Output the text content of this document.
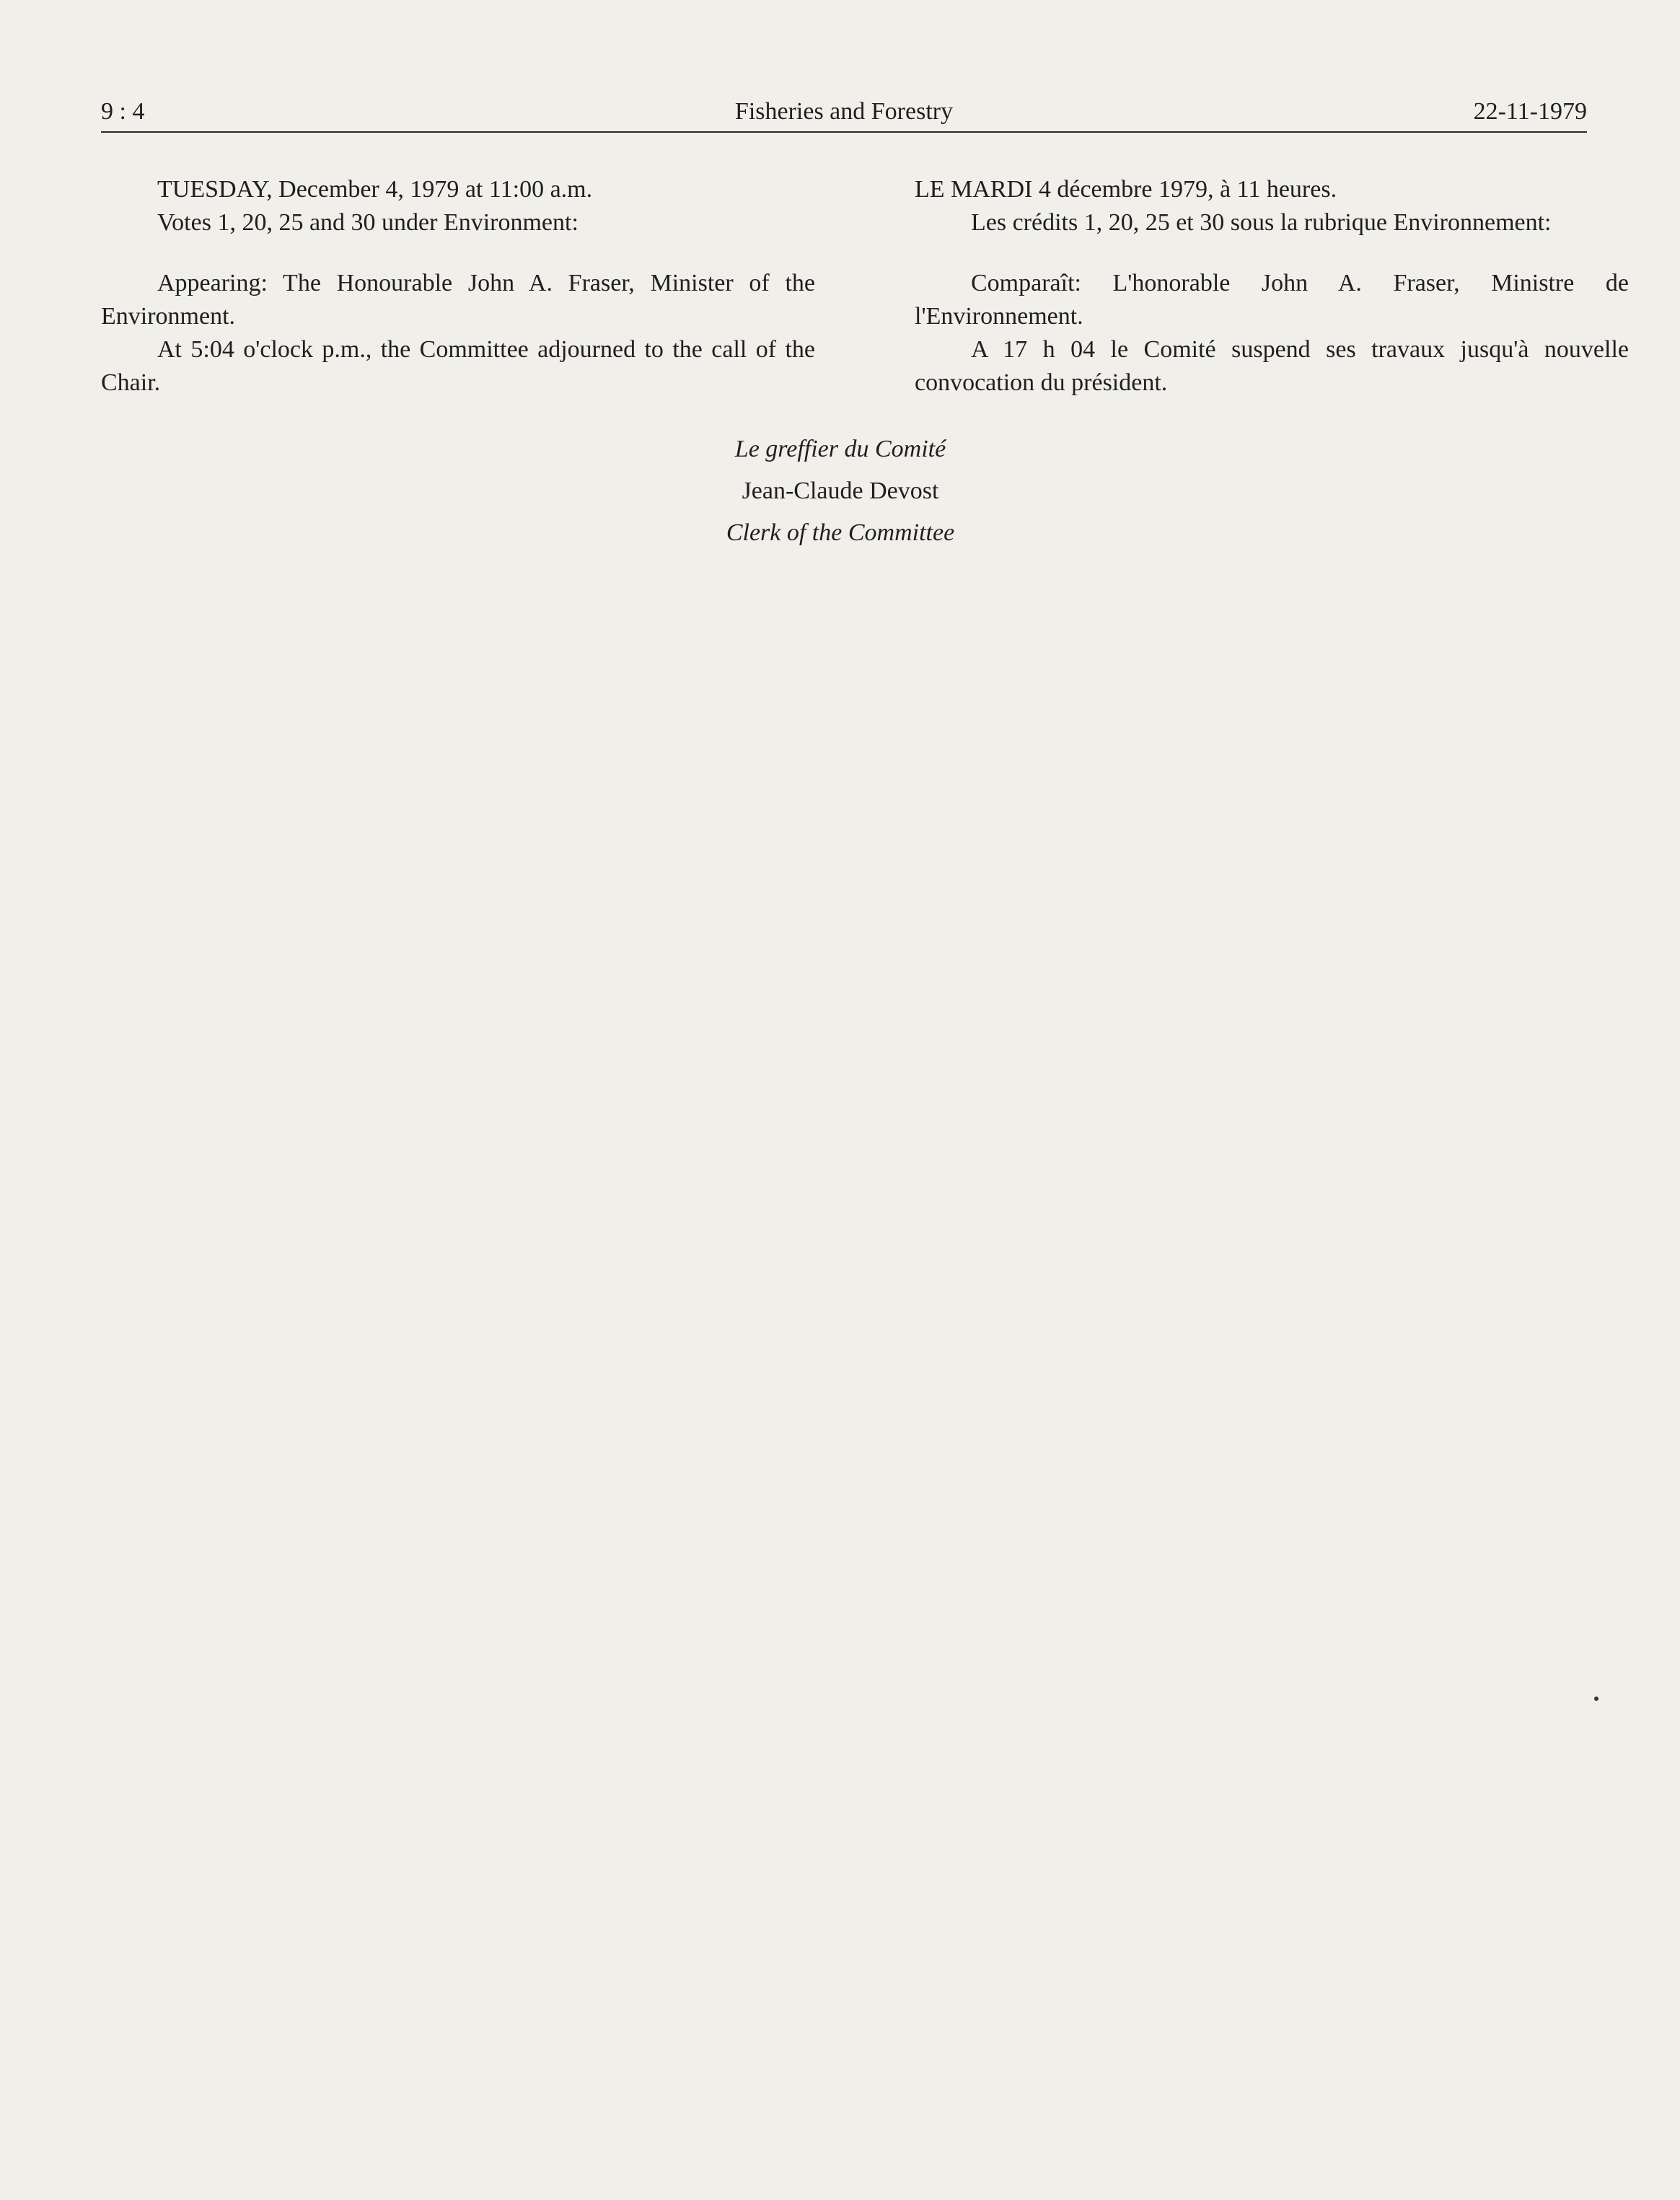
9 : 4	Fisheries and Forestry	22-11-1979

TUESDAY, December 4, 1979 at 11:00 a.m.

Votes 1, 20, 25 and 30 under Environment:

Appearing: The Honourable John A. Fraser, Minister of the Environment.

At 5:04 o'clock p.m., the Committee adjourned to the call of the Chair.

LE MARDI 4 décembre 1979, à 11 heures.

Les crédits 1, 20, 25 et 30 sous la rubrique Environnement:

Comparaît: L'honorable John A. Fraser, Ministre de l'Environnement.

A 17 h 04 le Comité suspend ses travaux jusqu'à nouvelle convocation du président.

Le greffier du Comité

Jean-Claude Devost

Clerk of the Committee
